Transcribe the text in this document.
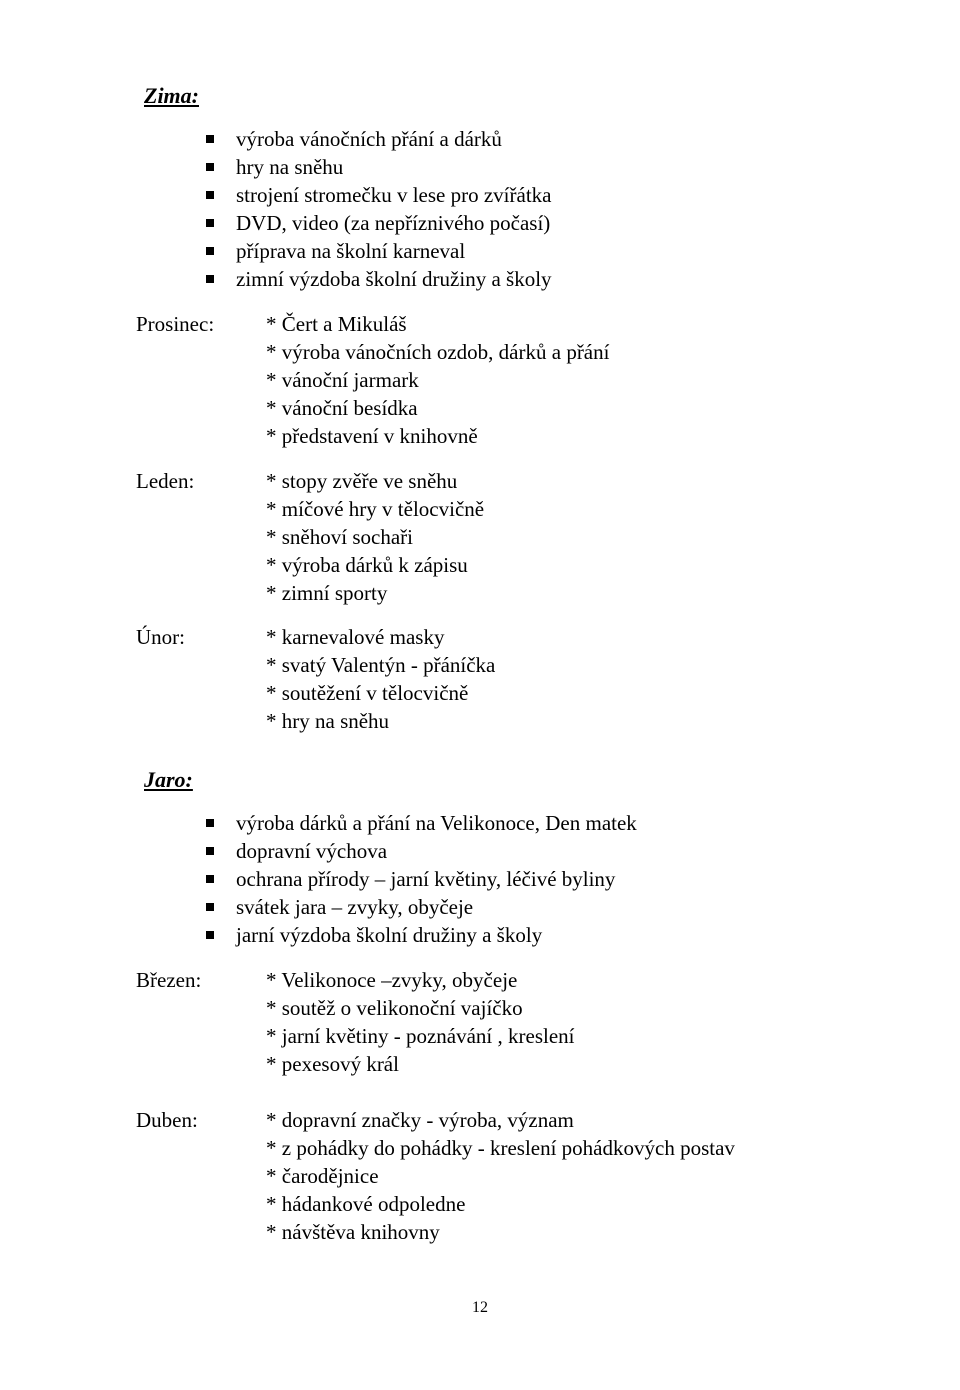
Zima:
výroba vánočních přání a dárků
hry na sněhu
strojení stromečku v lese pro zvířátka
DVD, video (za nepříznivého počasí)
příprava na školní karneval
zimní výzdoba školní družiny a školy
Prosinec: * Čert a Mikuláš
* výroba vánočních ozdob, dárků a přání
* vánoční jarmark
* vánoční besídka
* představení v knihovně
Leden:	* stopy zvěře ve sněhu
* míčové hry v tělocvičně
* sněhoví sochaři
* výroba dárků k zápisu
* zimní sporty
Únor:	* karnevalové masky
* svatý Valentýn - přáníčka
* soutěžení v tělocvičně
* hry na sněhu
Jaro:
výroba dárků a přání na Velikonoce, Den matek
dopravní výchova
ochrana přírody – jarní květiny, léčivé byliny
svátek jara – zvyky, obyčeje
jarní výzdoba školní družiny a školy
Březen:	* Velikonoce –zvyky, obyčeje
* soutěž o velikonoční vajíčko
* jarní květiny - poznávání , kreslení
* pexesový král
Duben:	* dopravní značky - výroba, význam
* z pohádky do pohádky - kreslení pohádkových postav
* čarodějnice
* hádankové odpoledne
* návštěva knihovny
12
